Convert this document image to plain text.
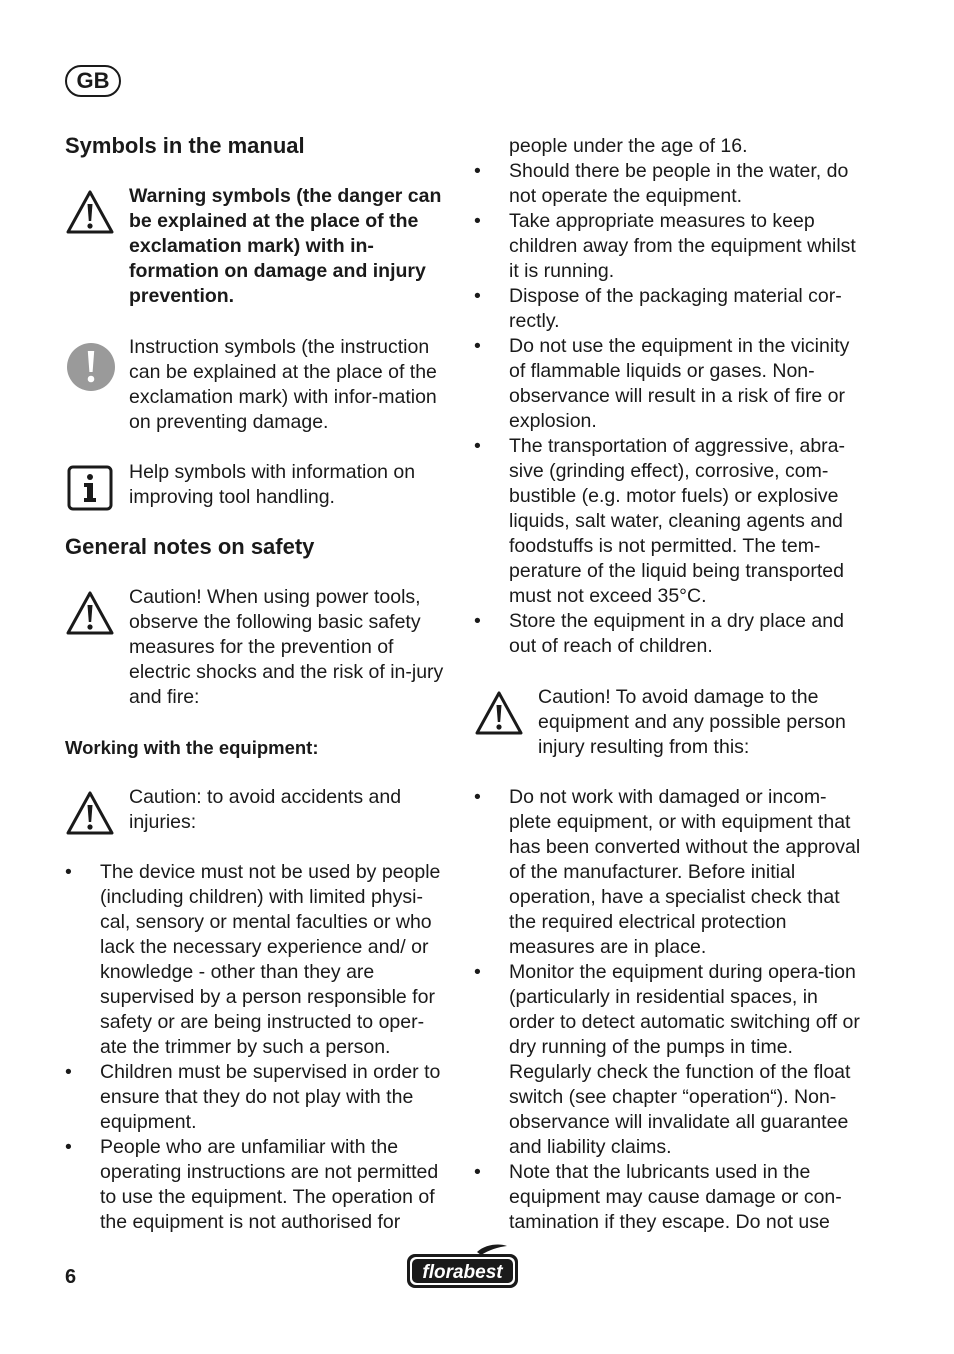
GB
Symbols in the manual

Warning symbols (the danger can be explained at the place of the exclamation mark) with in-formation on damage and injury prevention.

Instruction symbols (the instruction can be explained at the place of the exclamation mark) with infor-mation on preventing damage.

Help symbols with information on improving tool handling.

General notes on safety

Caution! When using power tools, observe the following basic safety measures for the prevention of electric shocks and the risk of in-jury and fire:

Working with the equipment:

Caution: to avoid accidents and injuries:

• The device must not be used by people (including children) with limited physi-cal, sensory or mental faculties or who lack the necessary experience and/ or knowledge - other than they are supervised by a person responsible for safety or are being instructed to oper-ate the trimmer by such a person.
• Children must be supervised in order to ensure that they do not play with the equipment.
• People who are unfamiliar with the operating instructions are not permitted to use the equipment. The operation of the equipment is not authorised for

people under the age of 16.

• Should there be people in the water, do not operate the equipment.
• Take appropriate measures to keep children away from the equipment whilst it is running.
• Dispose of the packaging material cor-rectly.
• Do not use the equipment in the vicinity of flammable liquids or gases. Non-observance will result in a risk of fire or explosion.
• The transportation of aggressive, abra-sive (grinding effect), corrosive, com-bustible (e.g. motor fuels) or explosive liquids, salt water, cleaning agents and foodstuffs is not permitted. The tem-perature of the liquid being transported must not exceed 35°C.
• Store the equipment in a dry place and out of reach of children.

Caution! To avoid damage to the equipment and any possible person injury resulting from this:

• Do not work with damaged or incom-plete equipment, or with equipment that has been converted without the approval of the manufacturer. Before initial operation, have a specialist check that the required electrical protection measures are in place.
• Monitor the equipment during opera-tion (particularly in residential spaces, in order to detect automatic switching off or dry running of the pumps in time. Regularly check the function of the float switch (see chapter “operation“). Non-observance will invalidate all guarantee and liability claims.
• Note that the lubricants used in the equipment may cause damage or con-tamination if they escape. Do not use
6	florabest
